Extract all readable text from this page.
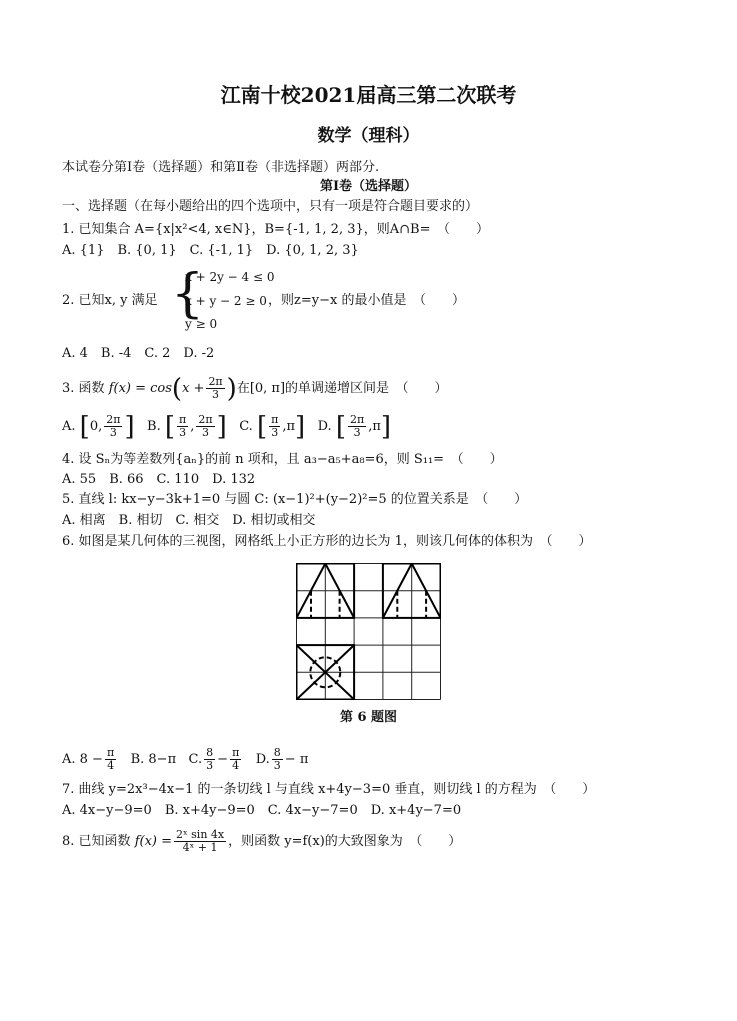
江南十校2021届高三第二次联考
数学（理科）
本试卷分第Ⅰ卷（选择题）和第Ⅱ卷（非选择题）两部分.
第Ⅰ卷（选择题）
一、选择题（在每小题给出的四个选项中，只有一项是符合题目要求的）
1. 已知集合 A={x|x²<4, x∈N}，B={-1, 1, 2, 3}，则A∩B=　（　　）
A. {1}　B. {0, 1}　C. {-1, 1}　D. {0, 1, 2, 3}
2. 已知x, y 满足 {
x + 2y − 4 ≤ 0
x + y − 2 ≥ 0
y ≥ 0
，则z=y−x 的最小值是　（　　）
A. 4　B. -4　C. 2　D. -2
3. 函数 $f(x) = \cos(x + \frac{2\pi}{3}$ )在[0, π]的单调递增区间是　（　　）
A. [0, $\frac{2\pi}{3}$ ] B. [ $\frac{\pi}{3}$ , $\frac{2\pi}{3}$ ] C. [ $\frac{\pi}{3} ,\pi$] D. [ $\frac{2\pi}{3} ,\pi$]
4. 设 Sₙ为等差数列{aₙ}的前 n 项和，且 a₃−a₅+a₈=6，则 S₁₁=　（　　）
A. 55　B. 66　C. 110　D. 132
5. 直线 l: kx−y−3k+1=0 与圆 C: (x−1)²+(y−2)²=5 的位置关系是　（　　）
A. 相离　B. 相切　C. 相交　D. 相切或相交
6. 如图是某几何体的三视图，网格纸上小正方形的边长为 1，则该几何体的体积为　（　　）
第 6 题图
A. $8 - \frac{\pi}{4} B$. 8−π C. $\frac{8}{3} - \frac{\pi}{4} D$. $\frac{8}{3} - \pi$
7. 曲线 y=2x³−4x−1 的一条切线 l 与直线 x+4y−3=0 垂直，则切线 l 的方程为　（　　）
A. 4x−y−9=0　B. x+4y−9=0　C. 4x−y−7=0　D. x+4y−7=0
8. 已知函数 $f(x) = \frac{\text{2ˣ sin 4x}}{\text{4ˣ + 1}}$ ，则函数 y=f(x)的大致图象为　（　　）
